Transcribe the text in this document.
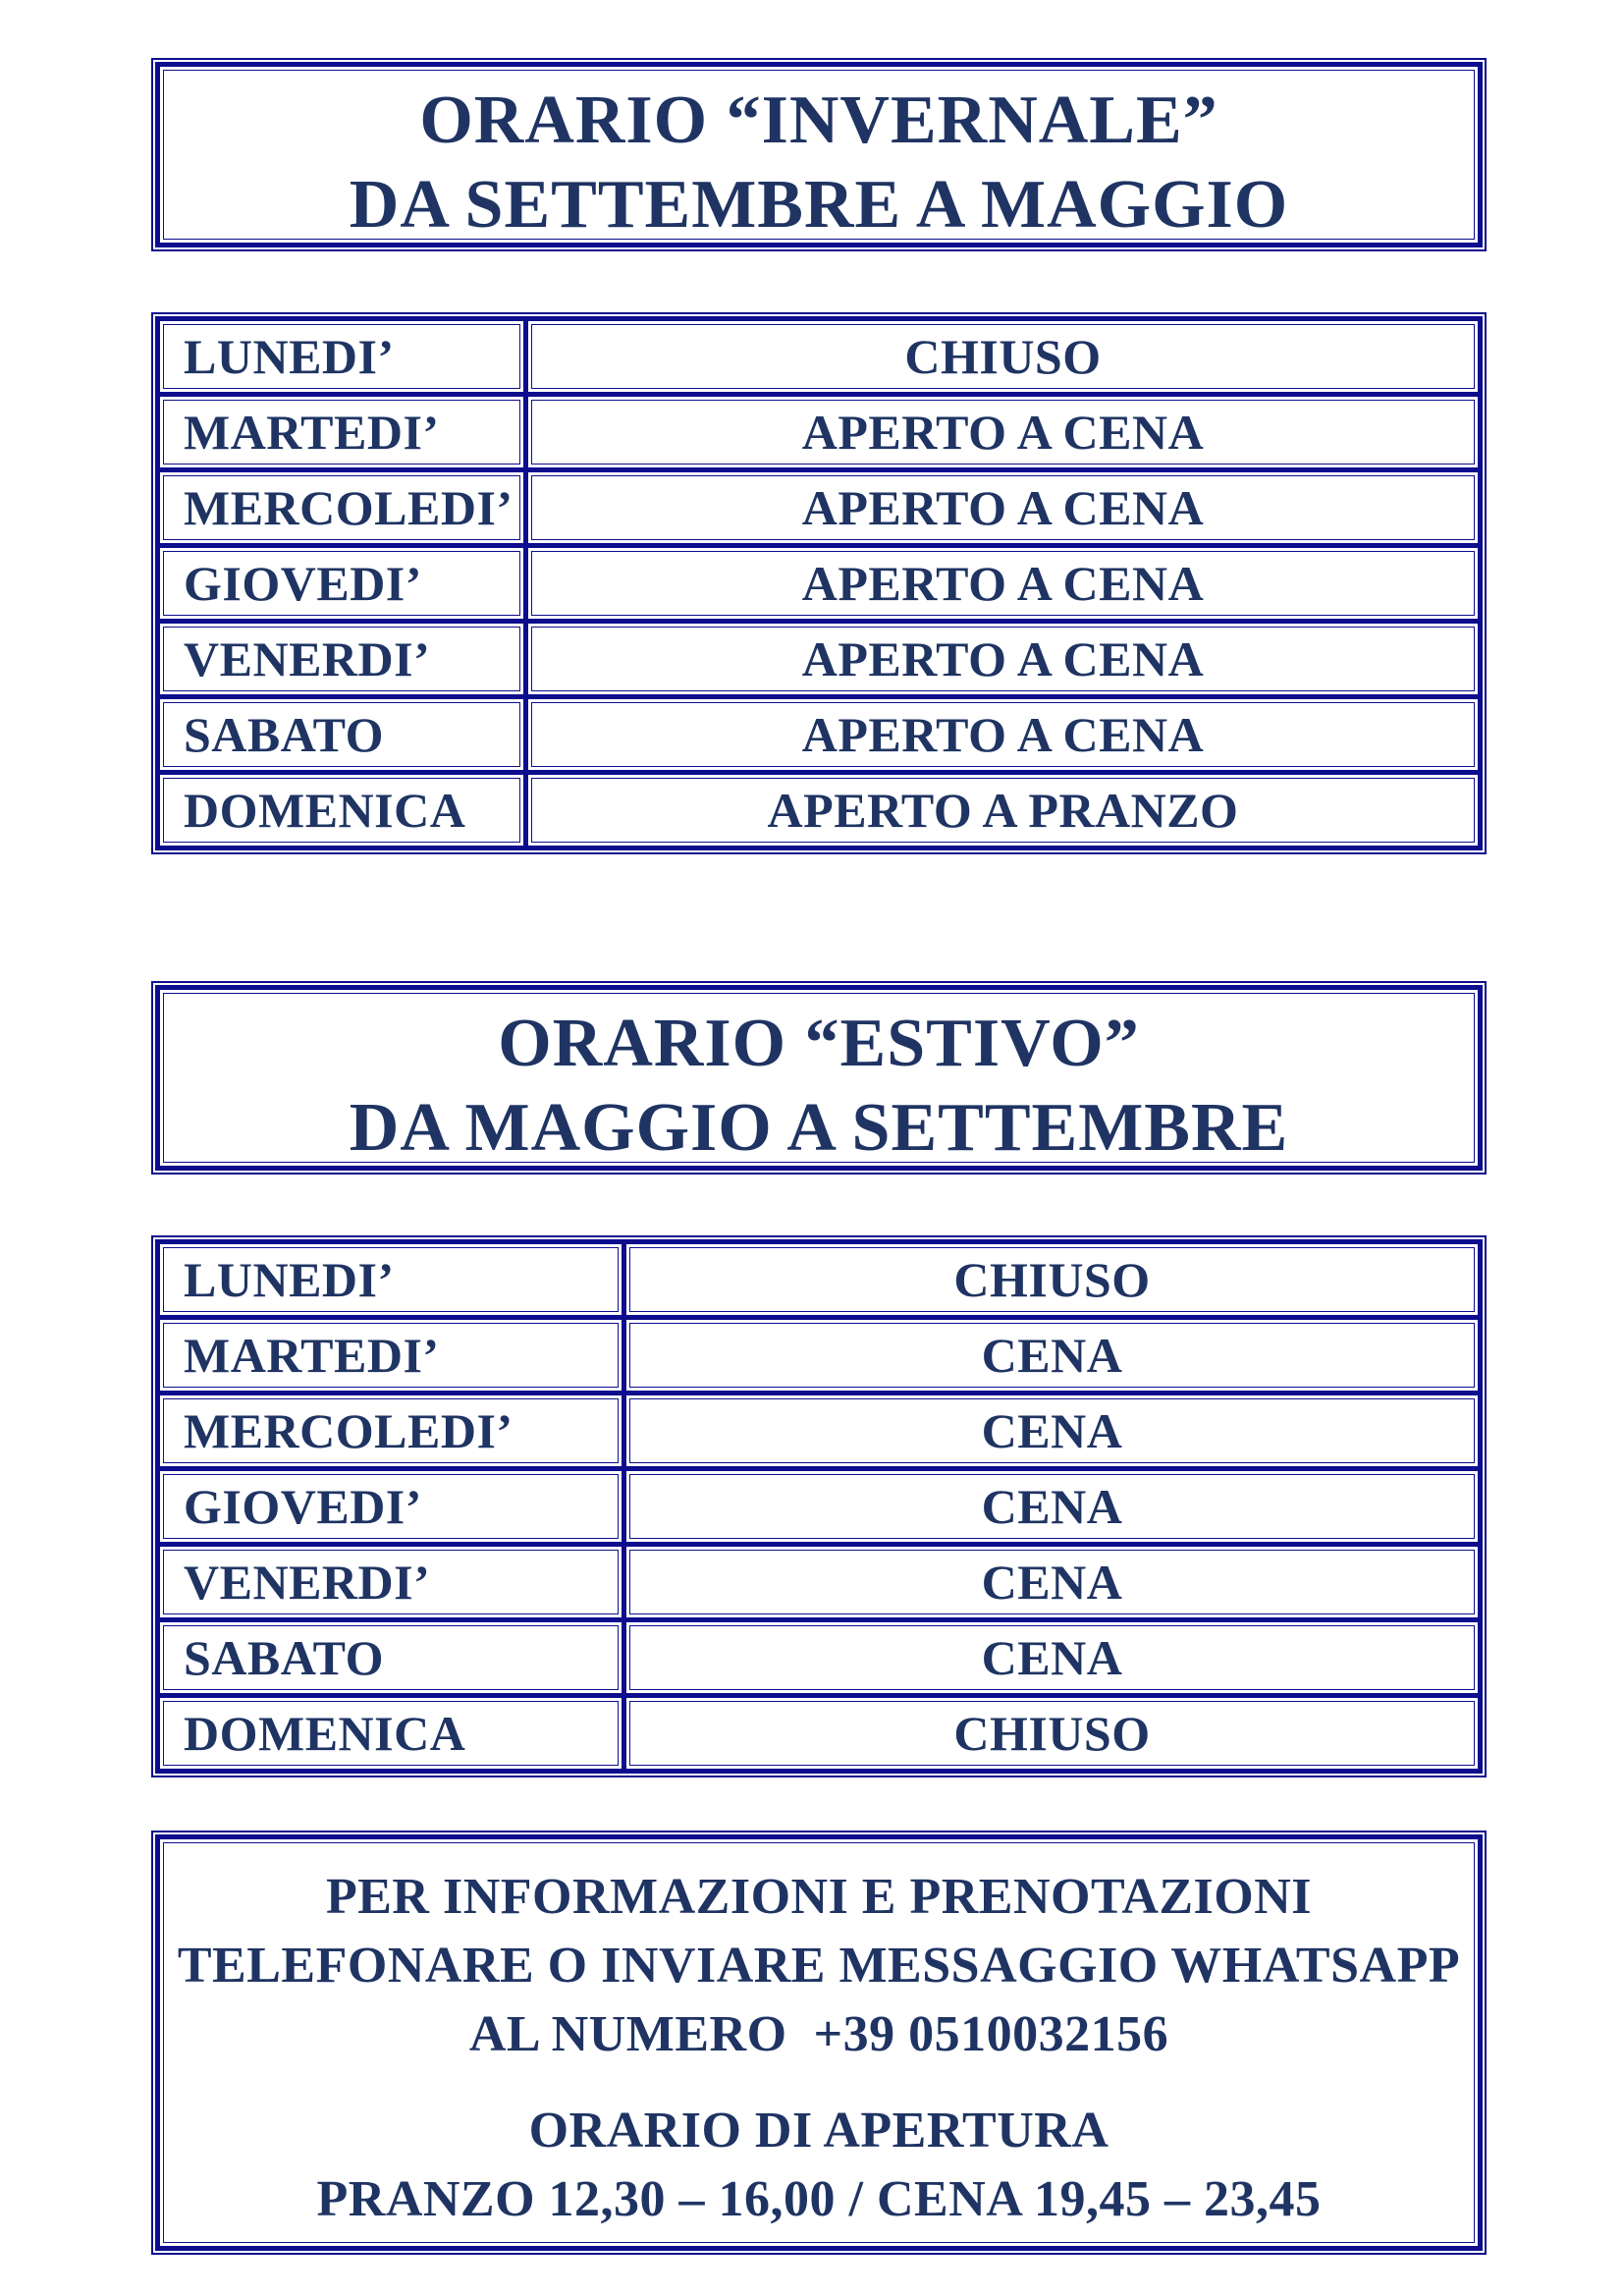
ORARIO “INVERNALE”
DA SETTEMBRE A MAGGIO
LUNEDI’	CHIUSO
MARTEDI’	APERTO A CENA
MERCOLEDI’	APERTO A CENA
GIOVEDI’	APERTO A CENA
VENERDI’	APERTO A CENA
SABATO	APERTO A CENA
DOMENICA	APERTO A PRANZO
ORARIO “ESTIVO”
DA MAGGIO A SETTEMBRE
LUNEDI’	CHIUSO
MARTEDI’	CENA
MERCOLEDI’	CENA
GIOVEDI’	CENA
VENERDI’	CENA
SABATO	CENA
DOMENICA	CHIUSO
PER INFORMAZIONI E PRENOTAZIONI
TELEFONARE O INVIARE MESSAGGIO WHATSAPP
AL NUMERO  +39 0510032156
ORARIO DI APERTURA
PRANZO 12,30 – 16,00 / CENA 19,45 – 23,45
